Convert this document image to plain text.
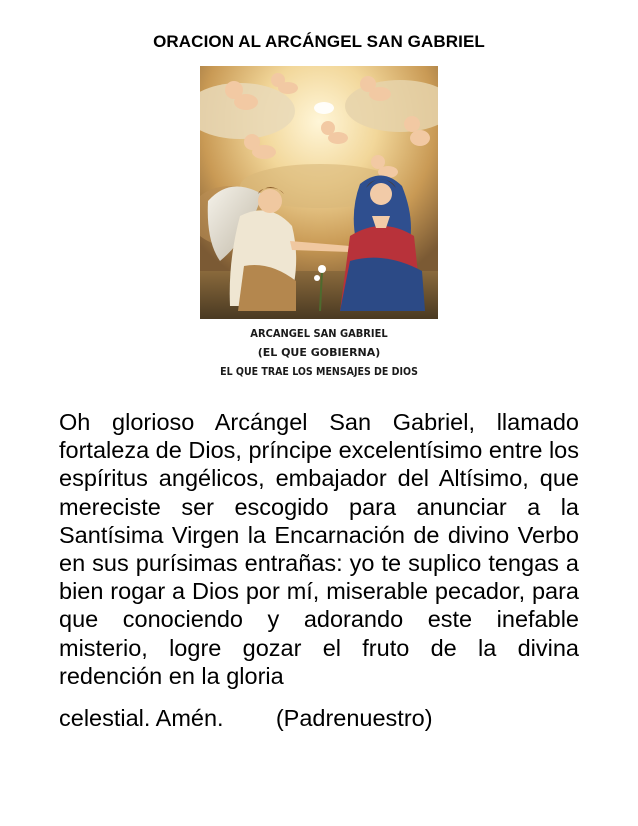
ORACION AL ARCÁNGEL SAN GABRIEL
ARCANGEL SAN GABRIEL
(EL QUE GOBIERNA)
EL QUE TRAE LOS MENSAJES DE DIOS
Oh glorioso Arcángel San Gabriel, llamado fortaleza de Dios, príncipe excelentísimo entre los espíritus angélicos, embajador del Altísimo, que mereciste ser escogido para anunciar a la Santísima Virgen la Encarnación de divino Verbo en sus purísimas entrañas: yo te suplico tengas a bien rogar a Dios por mí, miserable pecador, para que conociendo y adorando este inefable misterio, logre gozar el fruto de la divina redención en la gloria
celestial. Amén.        (Padrenuestro)
